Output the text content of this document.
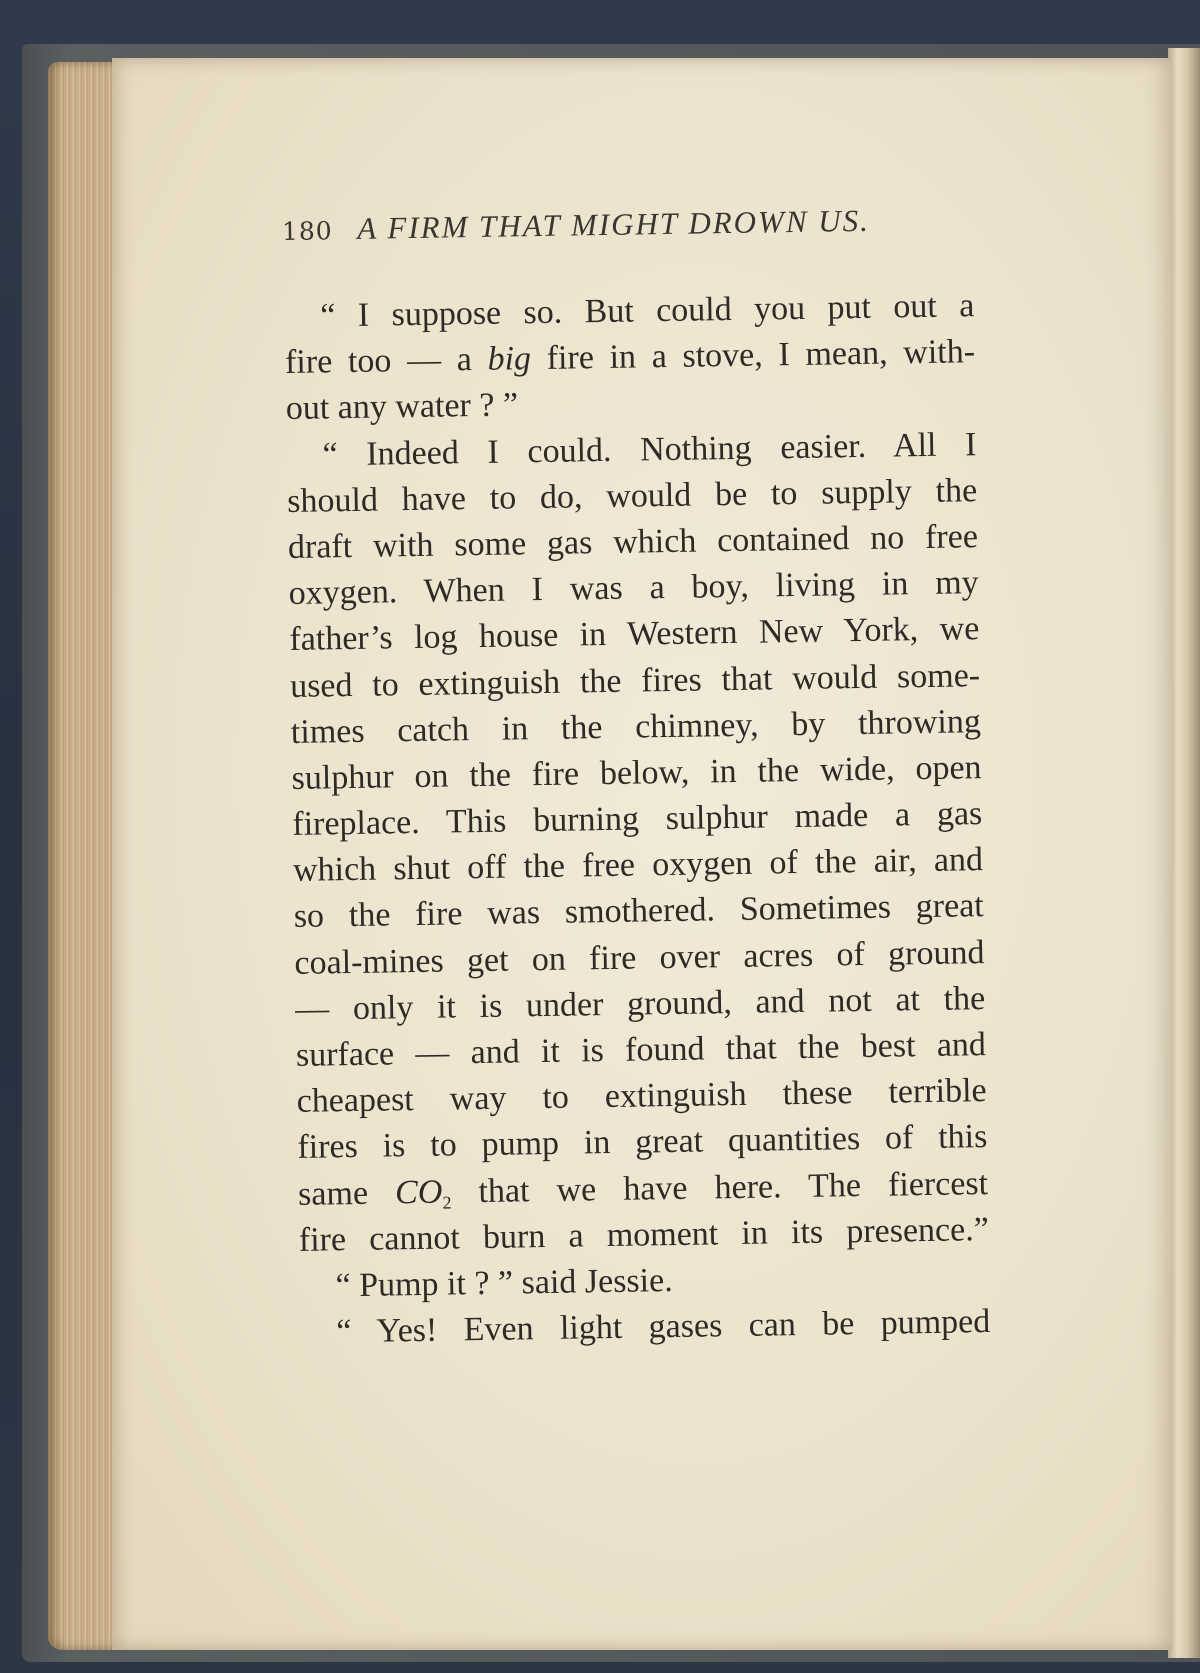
180 A FIRM THAT MIGHT DROWN US.
“ I suppose so. But could you put out a
fire too — a big fire in a stove, I mean, with-
out any water ? ”
“ Indeed I could. Nothing easier. All I
should have to do, would be to supply the
draft with some gas which contained no free
oxygen. When I was a boy, living in my
father’s log house in Western New York, we
used to extinguish the fires that would some-
times catch in the chimney, by throwing
sulphur on the fire below, in the wide, open
fireplace. This burning sulphur made a gas
which shut off the free oxygen of the air, and
so the fire was smothered. Sometimes great
coal-mines get on fire over acres of ground
— only it is under ground, and not at the
surface — and it is found that the best and
cheapest way to extinguish these terrible
fires is to pump in great quantities of this
same $CO_2$ that we have here. The fiercest
fire cannot burn a moment in its presence.”
“ Pump it ? ” said Jessie.
“ Yes! Even light gases can be pumped
